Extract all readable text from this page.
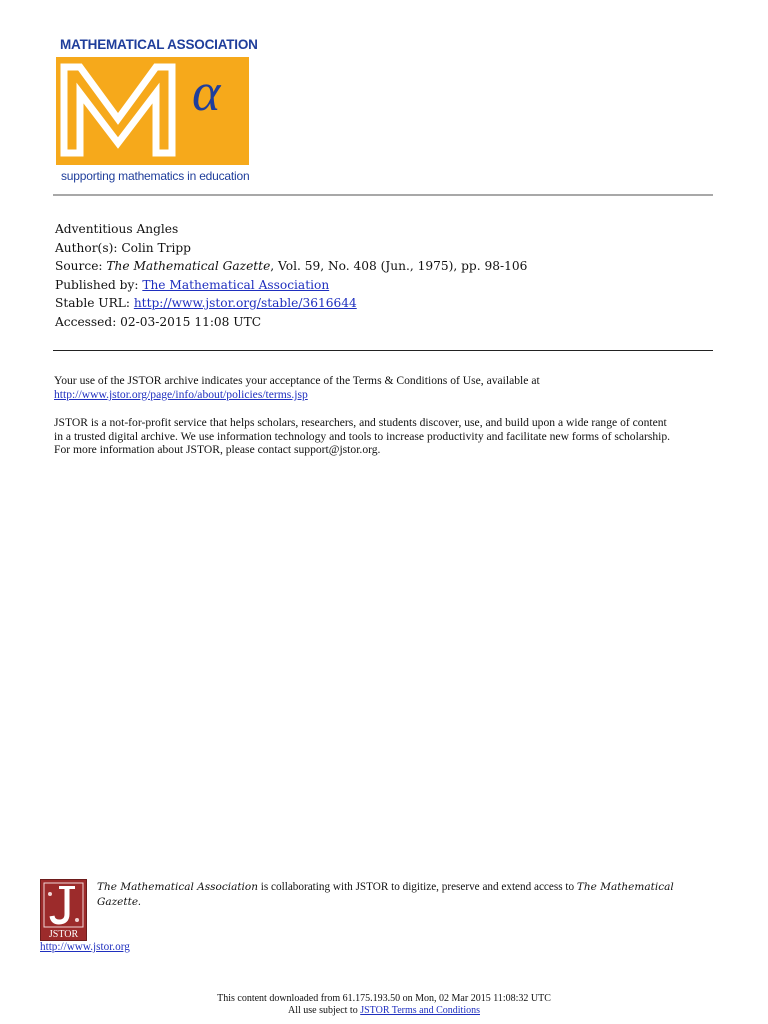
MATHEMATICAL ASSOCIATION
α
supporting mathematics in education
Adventitious Angles
Author(s): Colin Tripp
Source: The Mathematical Gazette, Vol. 59, No. 408 (Jun., 1975), pp. 98-106
Published by: The Mathematical Association
Stable URL: http://www.jstor.org/stable/3616644
Accessed: 02-03-2015 11:08 UTC
Your use of the JSTOR archive indicates your acceptance of the Terms & Conditions of Use, available at
http://www.jstor.org/page/info/about/policies/terms.jsp
JSTOR is a not-for-profit service that helps scholars, researchers, and students discover, use, and build upon a wide range of content
in a trusted digital archive. We use information technology and tools to increase productivity and facilitate new forms of scholarship.
For more information about JSTOR, please contact support@jstor.org.
JSTOR
http://www.jstor.org
The Mathematical Association is collaborating with JSTOR to digitize, preserve and extend access to The Mathematical
Gazette.
This content downloaded from 61.175.193.50 on Mon, 02 Mar 2015 11:08:32 UTC
All use subject to JSTOR Terms and Conditions
